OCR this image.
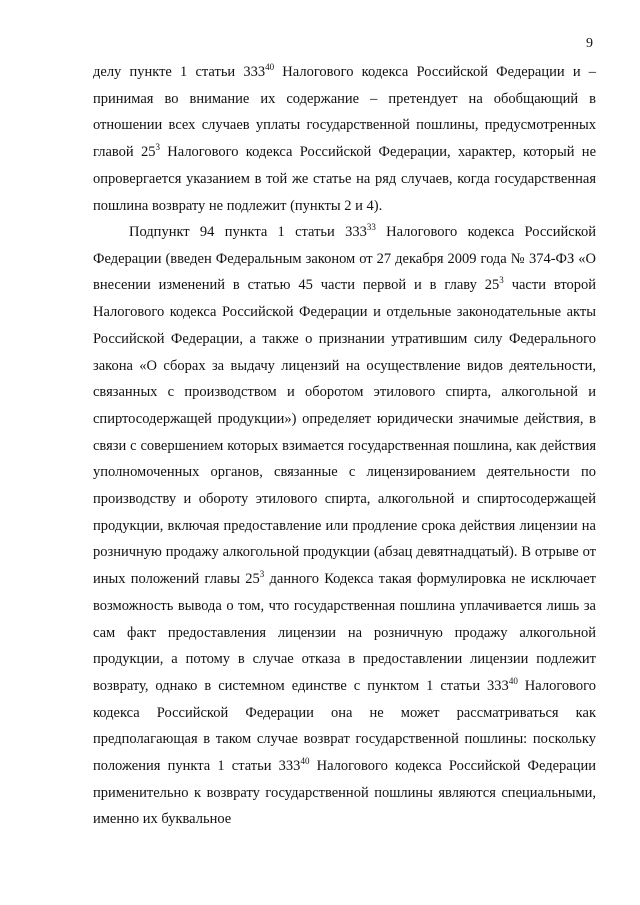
9

делу пункте 1 статьи $333^{40}$ Налогового кодекса Российской Федерации и – принимая во внимание их содержание – претендует на обобщающий в отношении всех случаев уплаты государственной пошлины, предусмотренных главой $25^3$ Налогового кодекса Российской Федерации, характер, который не опровергается указанием в той же статье на ряд случаев, когда государственная пошлина возврату не подлежит (пункты 2 и 4).

Подпункт 94 пункта 1 статьи $333^{33}$ Налогового кодекса Российской Федерации (введен Федеральным законом от 27 декабря 2009 года № 374-ФЗ «О внесении изменений в статью 45 части первой и в главу $25^3$ части второй Налогового кодекса Российской Федерации и отдельные законодательные акты Российской Федерации, а также о признании утратившим силу Федерального закона «О сборах за выдачу лицензий на осуществление видов деятельности, связанных с производством и оборотом этилового спирта, алкогольной и спиртосодержащей продукции») определяет юридически значимые действия, в связи с совершением которых взимается государственная пошлина, как действия уполномоченных органов, связанные с лицензированием деятельности по производству и обороту этилового спирта, алкогольной и спиртосодержащей продукции, включая предоставление или продление срока действия лицензии на розничную продажу алкогольной продукции (абзац девятнадцатый). В отрыве от иных положений главы $25^3$ данного Кодекса такая формулировка не исключает возможность вывода о том, что государственная пошлина уплачивается лишь за сам факт предоставления лицензии на розничную продажу алкогольной продукции, а потому в случае отказа в предоставлении лицензии подлежит возврату, однако в системном единстве с пунктом 1 статьи $333^{40}$ Налогового кодекса Российской Федерации она не может рассматриваться как предполагающая в таком случае возврат государственной пошлины: поскольку положения пункта 1 статьи $333^{40}$ Налогового кодекса Российской Федерации применительно к возврату государственной пошлины являются специальными, именно их буквальное
